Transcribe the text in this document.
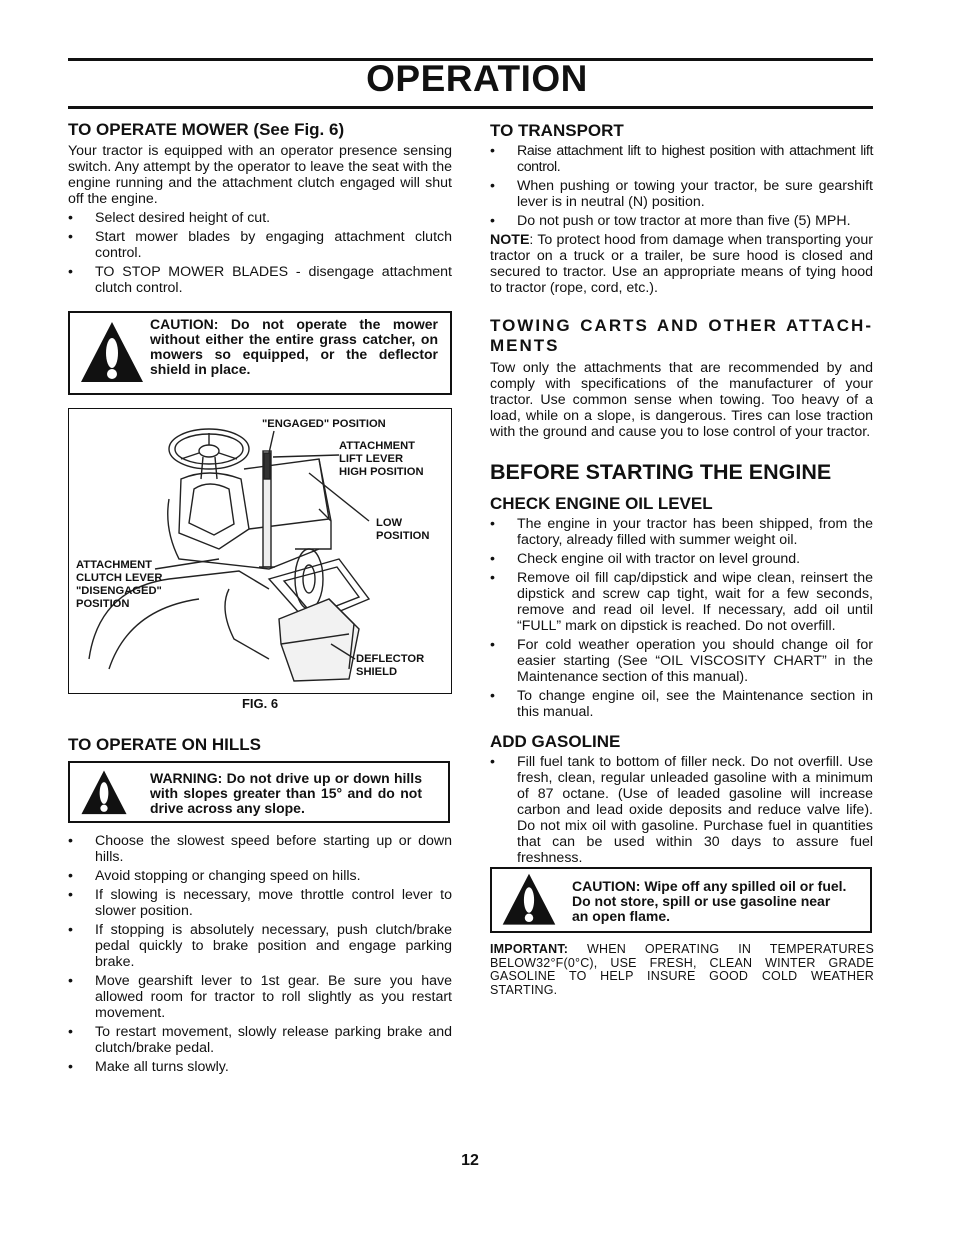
OPERATION
TO OPERATE MOWER (See Fig. 6)

Your tractor is equipped with an operator presence sensing switch. Any attempt by the operator to leave the seat with the engine running and the attachment clutch engaged will shut off the engine.

• Select desired height of cut.
• Start mower blades by engaging attachment clutch control.
• TO STOP MOWER BLADES - disengage attachment clutch control.
CAUTION: Do not operate the mower without either the entire grass catcher, on mowers so equipped, or the deflector shield in place.
"ENGAGED" POSITION
ATTACHMENT
LIFT LEVER
HIGH POSITION
LOW
POSITION
ATTACHMENT
CLUTCH LEVER
"DISENGAGED"
POSITION
DEFLECTOR
SHIELD
FIG. 6
TO OPERATE ON HILLS
WARNING: Do not drive up or down hills with slopes greater than 15° and do not drive across any slope.
• Choose the slowest speed before starting up or down hills.
• Avoid stopping or changing speed on hills.
• If slowing is necessary, move throttle control lever to slower position.
• If stopping is absolutely necessary, push clutch/brake pedal quickly to brake position and engage parking brake.
• Move gearshift lever to 1st gear. Be sure you have allowed room for tractor to roll slightly as you restart movement.
• To restart movement, slowly release parking brake and clutch/brake pedal.
• Make all turns slowly.
TO TRANSPORT
• Raise attachment lift to highest position with attachment lift control.
• When pushing or towing your tractor, be sure gearshift lever is in neutral (N) position.
• Do not push or tow tractor at more than five (5) MPH.

NOTE: To protect hood from damage when transporting your tractor on a truck or a trailer, be sure hood is closed and secured to tractor. Use an appropriate means of tying hood to tractor (rope, cord, etc.).

TOWING CARTS AND OTHER ATTACH-MENTS

Tow only the attachments that are recommended by and comply with specifications of the manufacturer of your tractor. Use common sense when towing. Too heavy of a load, while on a slope, is dangerous. Tires can lose traction with the ground and cause you to lose control of your tractor.

BEFORE STARTING THE ENGINE
CHECK ENGINE OIL LEVEL
• The engine in your tractor has been shipped, from the factory, already filled with summer weight oil.
• Check engine oil with tractor on level ground.
• Remove oil fill cap/dipstick and wipe clean, reinsert the dipstick and screw cap tight, wait for a few seconds, remove and read oil level. If necessary, add oil until “FULL” mark on dipstick is reached. Do not overfill.
• For cold weather operation you should change oil for easier starting (See “OIL VISCOSITY CHART” in the Maintenance section of this manual).
• To change engine oil, see the Maintenance section in this manual.
ADD GASOLINE
• Fill fuel tank to bottom of filler neck. Do not overfill. Use fresh, clean, regular unleaded gasoline with a minimum of 87 octane. (Use of leaded gasoline will increase carbon and lead oxide deposits and reduce valve life). Do not mix oil with gasoline. Purchase fuel in quantities that can be used within 30 days to assure fuel freshness.
CAUTION: Wipe off any spilled oil or fuel. Do not store, spill or use gasoline near an open flame.
IMPORTANT: WHEN OPERATING IN TEMPERATURES BELOW32°F(0°C), USE FRESH, CLEAN WINTER GRADE GASOLINE TO HELP INSURE GOOD COLD WEATHER STARTING.
12
